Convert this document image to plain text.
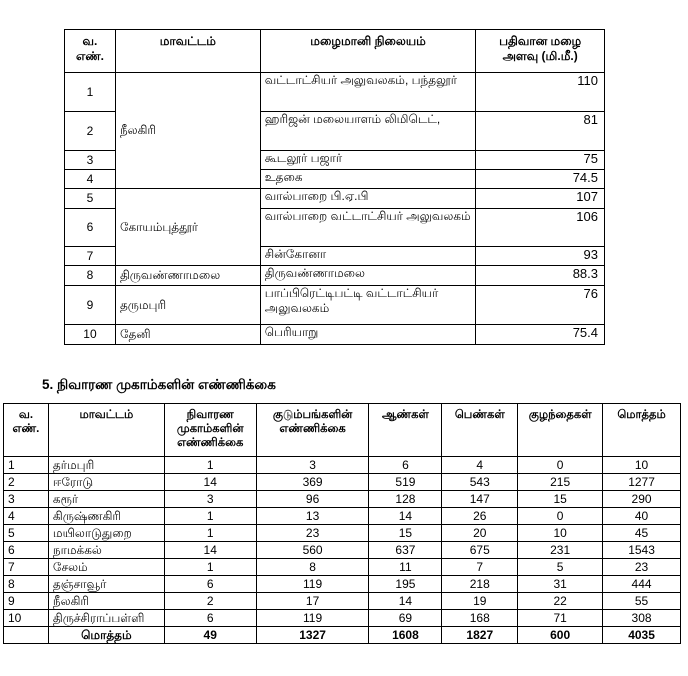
வ. எண்.	மாவட்டம்	மழைமானி நிலையம்	பதிவான மழை அளவு (மி.மீ.)
1	நீலகிரி	வட்டாட்சியர் அலுவலகம், பந்தலூர்	110
2		ஹரிஜன் மலையாளம் லிமிடெட்,	81
3		கூடலூர் பஜார்	75
4		உதகை	74.5
5	கோயம்புத்தூர்	வால்பாறை பி.ஏ.பி	107
6		வால்பாறை வட்டாட்சியர் அலுவலகம்	106
7		சின்கோனா	93
8	திருவண்ணாமலை	திருவண்ணாமலை	88.3
9	தருமபுரி	பாப்பிரெட்டிபட்டி வட்டாட்சியர் அலுவலகம்	76
10	தேனி	பெரியாறு	75.4
5. நிவாரண முகாம்களின் எண்ணிக்கை
வ. எண்.	மாவட்டம்	நிவாரண முகாம்களின் எண்ணிக்கை	குடும்பங்களின் எண்ணிக்கை	ஆண்கள்	பெண்கள்	குழந்தைகள்	மொத்தம்
1	தர்மபுரி	1	3	6	4	0	10
2	ஈரோடு	14	369	519	543	215	1277
3	கரூர்	3	96	128	147	15	290
4	கிருஷ்ணகிரி	1	13	14	26	0	40
5	மயிலாடுதுறை	1	23	15	20	10	45
6	நாமக்கல்	14	560	637	675	231	1543
7	சேலம்	1	8	11	7	5	23
8	தஞ்சாவூர்	6	119	195	218	31	444
9	நீலகிரி	2	17	14	19	22	55
10	திருச்சிராப்பள்ளி	6	119	69	168	71	308
	மொத்தம்	49	1327	1608	1827	600	4035
